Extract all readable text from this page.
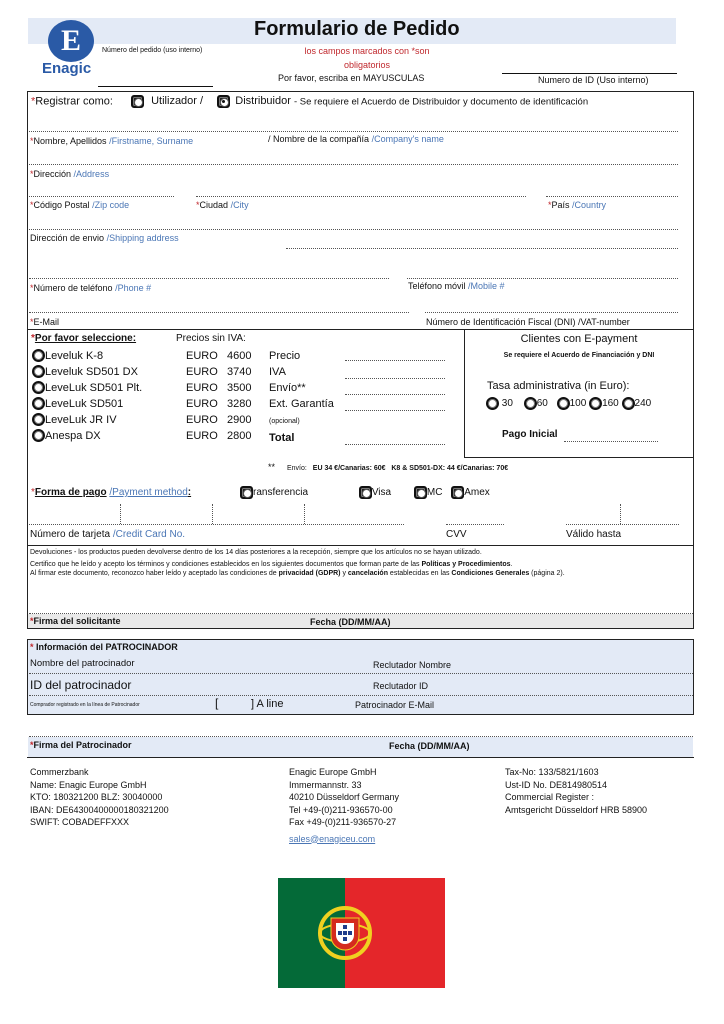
Formulario de Pedido
E
Enagic
Número del pedido (uso interno)	los campos marcados con *son
obligatorios
Por favor, escriba en MAYUSCULAS	Numero de ID (Uso interno)
*Registrar como:	Utilizador /	Distribuidor - Se requiere el Acuerdo de Distribuidor y documento de identificación
*Nombre, Apellidos /Firstname, Surname	/ Nombre de la compañía /Company's name
*Dirección /Address
*Código Postal /Zip code	*Ciudad /City	*País /Country
Dirección de envio /Shipping address
*Número de teléfono /Phone #	Teléfono móvil /Mobile #
*E-Mail	Número de Identificación Fiscal (DNI) /VAT-number
*Por favor seleccione:	Precios sin IVA:
Leveluk K-8	EURO 4600
Leveluk SD501 DX	EURO 3740
LeveLuk SD501 Plt.	EURO 3500
LeveLuk SD501	EURO 3280
LeveLuk JR IV	EURO 2900
Anespa DX	EURO 2800
Precio
IVA
Envío**
Ext. Garantía
(opcional)
Total
Clientes con E-payment
Se requiere el Acuerdo de Financiación y DNI
Tasa administrativa (in Euro):
30 60 100 160 240
Pago Inicial
** Envío: EU 34 €/Canarias: 60€   K8 & SD501-DX: 44 €/Canarias: 70€
*Forma de pago /Payment method:	ransferencia	Visa	MC Amex
Número de tarjeta /Credit Card No.	CVV	Válido hasta
Devoluciones - los productos pueden devolverse dentro de los 14 días posteriores a la recepción, siempre que los artículos no se hayan utilizado.
Certifico que he leído y acepto los términos y condiciones establecidos en los siguientes documentos que forman parte de las Políticas y Procedimientos.
Al firmar este documento, reconozco haber leído y aceptado las condiciones de privacidad (GDPR) y cancelación establecidas en las Condiciones Generales (página 2).
*Firma del solicitante	Fecha (DD/MM/AA)
* Información del PATROCINADOR
Nombre del patrocinador	Reclutador Nombre
ID del patrocinador	Reclutador ID
Comprador registrado en la línea de Patrocinador	[	] A line	Patrocinador E-Mail
*Firma del Patrocinador	Fecha (DD/MM/AA)
Commerzbank
Name: Enagic Europe GmbH
KTO: 180321200 BLZ: 30040000
IBAN: DE64300400000180321200
SWIFT: COBADEFFXXX
Enagic Europe GmbH
Immermannstr. 33
40210 Düsseldorf Germany
Tel +49-(0)211-936570-00
Fax +49-(0)211-936570-27
sales@enagiceu.com
Tax-No: 133/5821/1603
Ust-ID No. DE814980514
Commercial Register :
Amtsgericht Düsseldorf HRB 58900
